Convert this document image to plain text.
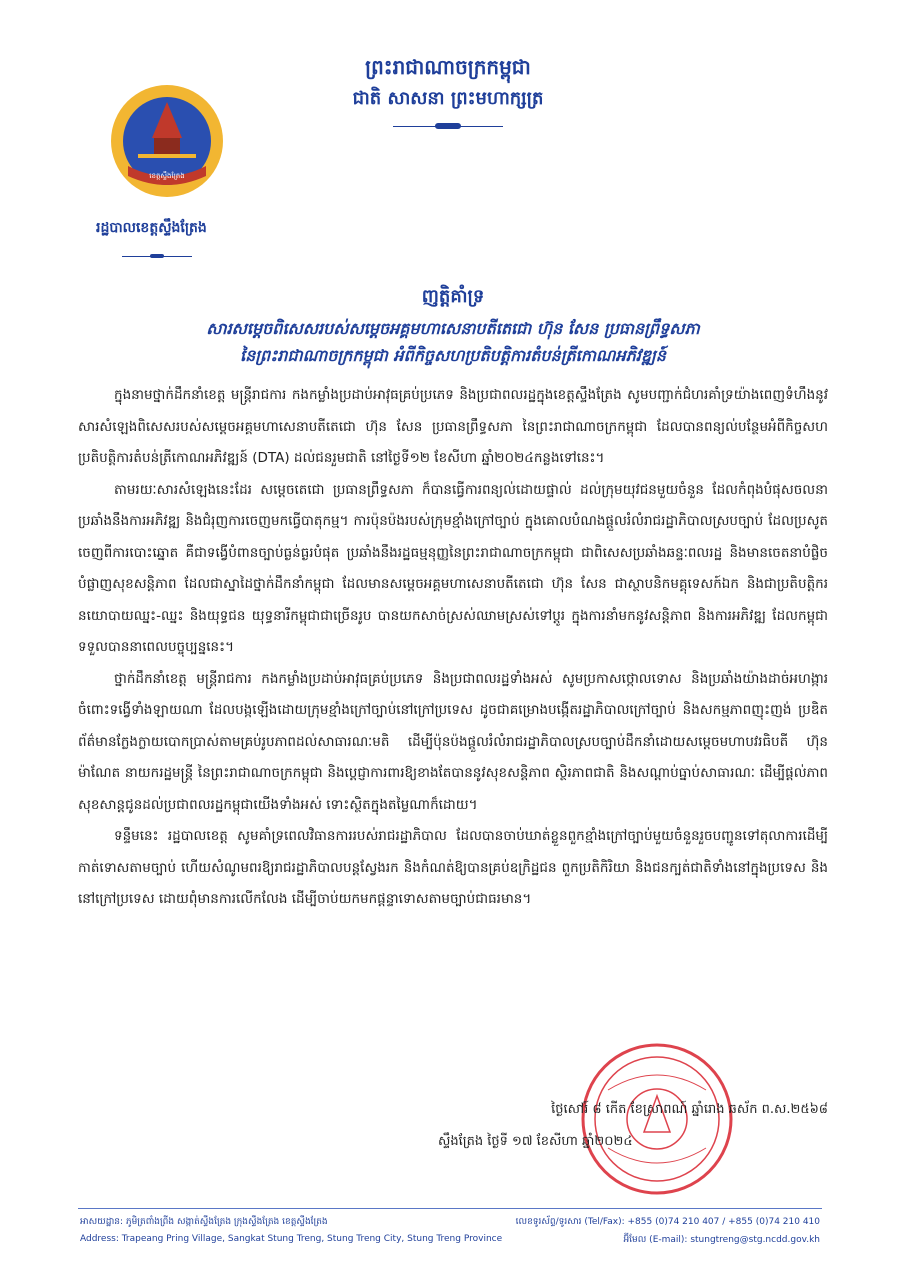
ព្រះរាជាណាចក្រកម្ពុជា
ជាតិ សាសនា ព្រះមហាក្សត្រ
ខេត្តស្ទឹងត្រែង
រដ្ឋបាលខេត្តស្ទឹងត្រែង
ញត្តិគាំទ្រ
សារសម្តេចពិសេសរបស់សម្តេចអគ្គមហាសេនាបតីតេជោ ហ៊ុន សែន ប្រធានព្រឹទ្ធសភា
នៃព្រះរាជាណាចក្រកម្ពុជា អំពីកិច្ចសហប្រតិបត្តិការតំបន់ត្រីកោណអភិវឌ្ឍន៍

ក្នុងនាមថ្នាក់ដឹកនាំខេត្ត មន្ត្រីរាជការ កងកម្លាំងប្រដាប់អាវុធគ្រប់ប្រភេទ និងប្រជាពលរដ្ឋក្នុងខេត្តស្ទឹងត្រែង សូមបញ្ជាក់ជំហរគាំទ្រយ៉ាងពេញទំហឹងនូវសារសំឡេងពិសេសរបស់សម្តេចអគ្គមហាសេនាបតីតេជោ ហ៊ុន សែន ប្រធានព្រឹទ្ធសភា នៃព្រះរាជាណាចក្រកម្ពុជា ដែលបានពន្យល់បន្ថែមអំពីកិច្ចសហប្រតិបត្តិការតំបន់ត្រីកោណអភិវឌ្ឍន៍ (DTA) ដល់ជនរួមជាតិ នៅថ្ងៃទី១២ ខែសីហា ឆ្នាំ២០២៤កន្លងទៅនេះ។

តាមរយៈសារសំឡេងនេះដែរ សម្តេចតេជោ ប្រធានព្រឹទ្ធសភា ក៏បានធ្វើការពន្យល់ដោយផ្ទាល់ ដល់ក្រុមយុវជនមួយចំនួន ដែលកំពុងបំផុសចលនាប្រឆាំងនឹងការអភិវឌ្ឍ និងជំរុញការចេញមកធ្វើបាតុកម្ម។ ការប៉ុនប៉ងរបស់ក្រុមខ្មាំងក្រៅច្បាប់ ក្នុងគោលបំណងផ្តួលរំលំរាជរដ្ឋាភិបាលស្របច្បាប់ ដែលប្រសូតចេញពីការបោះឆ្នោត គឺជាទង្វើបំពានច្បាប់ធ្ងន់ធ្ងរបំផុត ប្រឆាំងនឹងរដ្ឋធម្មនុញ្ញនៃព្រះរាជាណាចក្រកម្ពុជា ជាពិសេសប្រឆាំងឆន្ទៈពលរដ្ឋ និងមានចេតនាបំផ្លិចបំផ្លាញសុខសន្តិភាព ដែលជាស្នាដៃថ្នាក់ដឹកនាំកម្ពុជា ដែលមានសម្តេចអគ្គមហាសេនាបតីតេជោ ហ៊ុន សែន ជាស្ថាបនិកមគ្គុទេសក៍ឯក និងជាប្រតិបត្តិករនយោបាយឈ្នះ-ឈ្នះ និងយុទ្ធជន យុទ្ធនារីកម្ពុជាជាច្រើនរូប បានយកសាច់ស្រស់ឈាមស្រស់ទៅប្តូរ ក្នុងការនាំមកនូវសន្តិភាព និងការអភិវឌ្ឍ ដែលកម្ពុជាទទួលបាននាពេលបច្ចុប្បន្ននេះ។

ថ្នាក់ដឹកនាំខេត្ត មន្ត្រីរាជការ កងកម្លាំងប្រដាប់អាវុធគ្រប់ប្រភេទ និងប្រជាពលរដ្ឋទាំងអស់ សូមប្រកាសថ្កោលទោស និងប្រឆាំងយ៉ាងដាច់អហង្ការចំពោះទង្វើទាំងឡាយណា ដែលបង្កឡើងដោយក្រុមខ្មាំងក្រៅច្បាប់នៅក្រៅប្រទេស ដូចជាគម្រោងបង្កើតរដ្ឋាភិបាលក្រៅច្បាប់ និងសកម្មភាពញុះញង់ ប្រឌិតព័ត៌មានក្លែងក្លាយបោកប្រាស់តាមគ្រប់រូបភាពដល់សាធារណៈមតិ ដើម្បីប៉ុនប៉ងផ្តួលរំលំរាជរដ្ឋាភិបាលស្របច្បាប់ដឹកនាំដោយសម្តេចមហាបវរធិបតី ហ៊ុន ម៉ាណែត នាយករដ្ឋមន្ត្រី នៃព្រះរាជាណាចក្រកម្ពុជា និងប្តេជ្ញាការពារឱ្យខាងតែបាននូវសុខសន្តិភាព ស្ថិរភាពជាតិ និងសណ្តាប់ធ្នាប់សាធារណៈ ដើម្បីផ្តល់ភាពសុខសាន្តជូនដល់ប្រជាពលរដ្ឋកម្ពុជាយើងទាំងអស់ ទោះស្ថិតក្នុងតម្លៃណាក៏ដោយ។

ទន្ទឹមនេះ រដ្ឋបាលខេត្ត សូមគាំទ្រពេលវិធានការរបស់រាជរដ្ឋាភិបាល ដែលបានចាប់ឃាត់ខ្លួនពួកខ្មាំងក្រៅច្បាប់មួយចំនួនរួចបញ្ជូនទៅតុលាការដើម្បីកាត់ទោសតាមច្បាប់ ហើយសំណូមពរឱ្យរាជរដ្ឋាភិបាលបន្តស្វែងរក និងកំណត់ឱ្យបានគ្រប់ឧក្រិដ្ឋជន ពួកប្រតិកិរិយា និងជនក្បត់ជាតិទាំងនៅក្នុងប្រទេស និងនៅក្រៅប្រទេស ដោយពុំមានការលើកលែង ដើម្បីចាប់យកមកផ្តន្ទាទោសតាមច្បាប់ជាធរមាន។

ថ្ងៃសៅរ៍ ៨ កើត ខែស្រាពណ៍ ឆ្នាំរោង ឆស័ក ព.ស.២៥៦៨
ស្ទឹងត្រែង ថ្ងៃទី ១៧ ខែសីហា ឆ្នាំ២០២៤
អាសយដ្ឋាន: ភូមិត្រពាំងព្រីង សង្កាត់ស្ទឹងត្រែង ក្រុងស្ទឹងត្រែង ខេត្តស្ទឹងត្រែង
Address: Trapeang Pring Village, Sangkat Stung Treng, Stung Treng City, Stung Treng Province
លេខទូរស័ព្ទ/ទូរសារ (Tel/Fax): +855 (0)74 210 407 / +855 (0)74 210 410
អ៊ីមែល (E-mail): stungtreng@stg.ncdd.gov.kh
